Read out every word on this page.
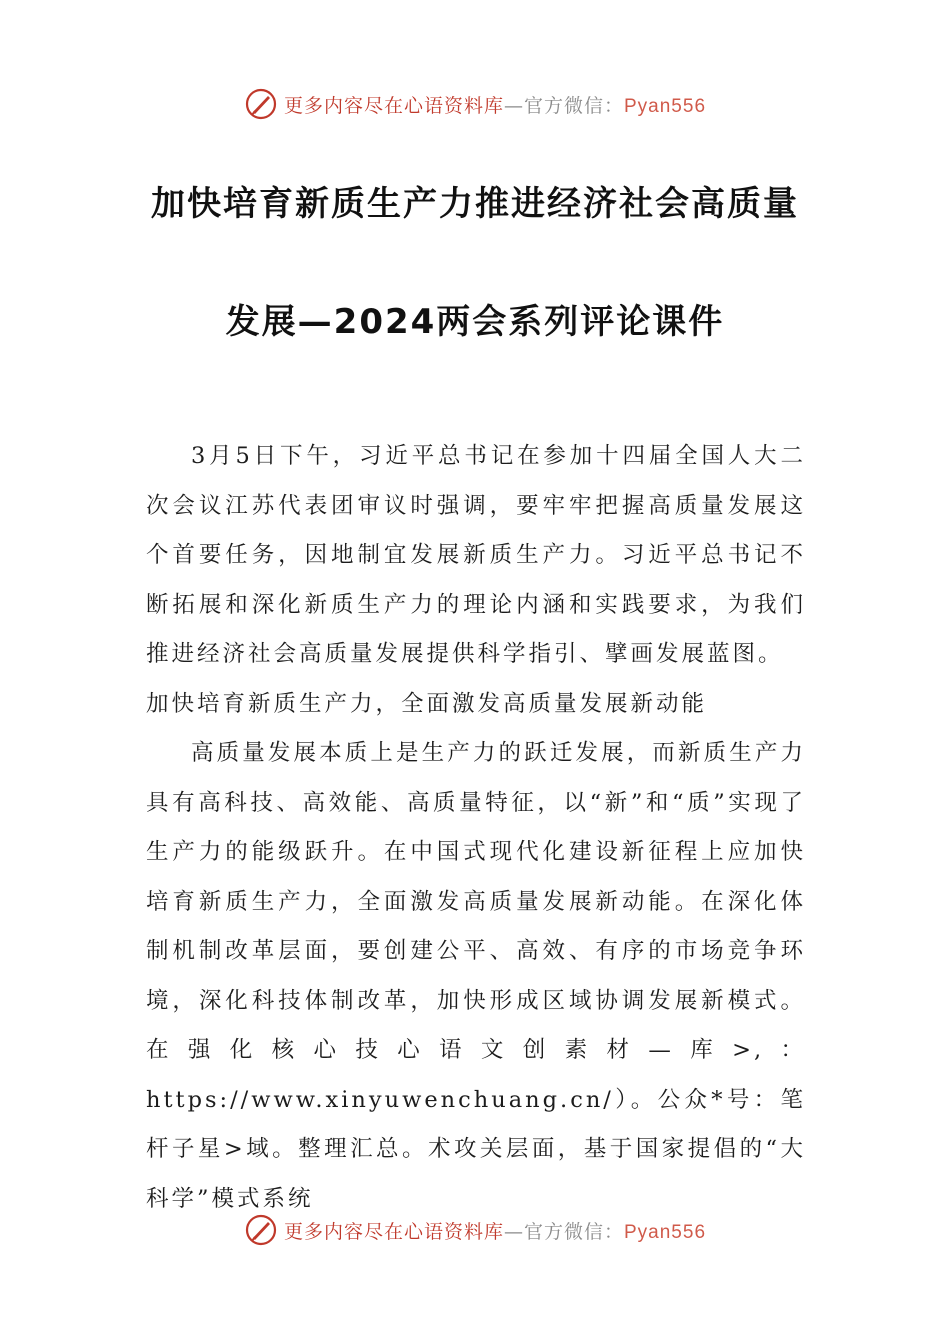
更多内容尽在心语资料库—官方微信：Pyan556
加快培育新质生产力推进经济社会高质量
发展—2024两会系列评论课件

3月5日下午，习近平总书记在参加十四届全国人大二次会议江苏代表团审议时强调，要牢牢把握高质量发展这个首要任务，因地制宜发展新质生产力。习近平总书记不断拓展和深化新质生产力的理论内涵和实践要求，为我们推进经济社会高质量发展提供科学指引、擘画发展蓝图。

加快培育新质生产力，全面激发高质量发展新动能

高质量发展本质上是生产力的跃迁发展，而新质生产力具有高科技、高效能、高质量特征，以“新”和“质”实现了生产力的能级跃升。在中国式现代化建设新征程上应加快培育新质生产力，全面激发高质量发展新动能。在深化体制机制改革层面，要创建公平、高效、有序的市场竞争环境，深化科技体制改革，加快形成区域协调发展新模式。在强化核心技心语文创素材—库>,：https://www.xinyuwenchuang.cn/）。公众*号：笔杆子星>域。整理汇总。术攻关层面，基于国家提倡的“大科学”模式系统

更多内容尽在心语资料库—官方微信：Pyan556
